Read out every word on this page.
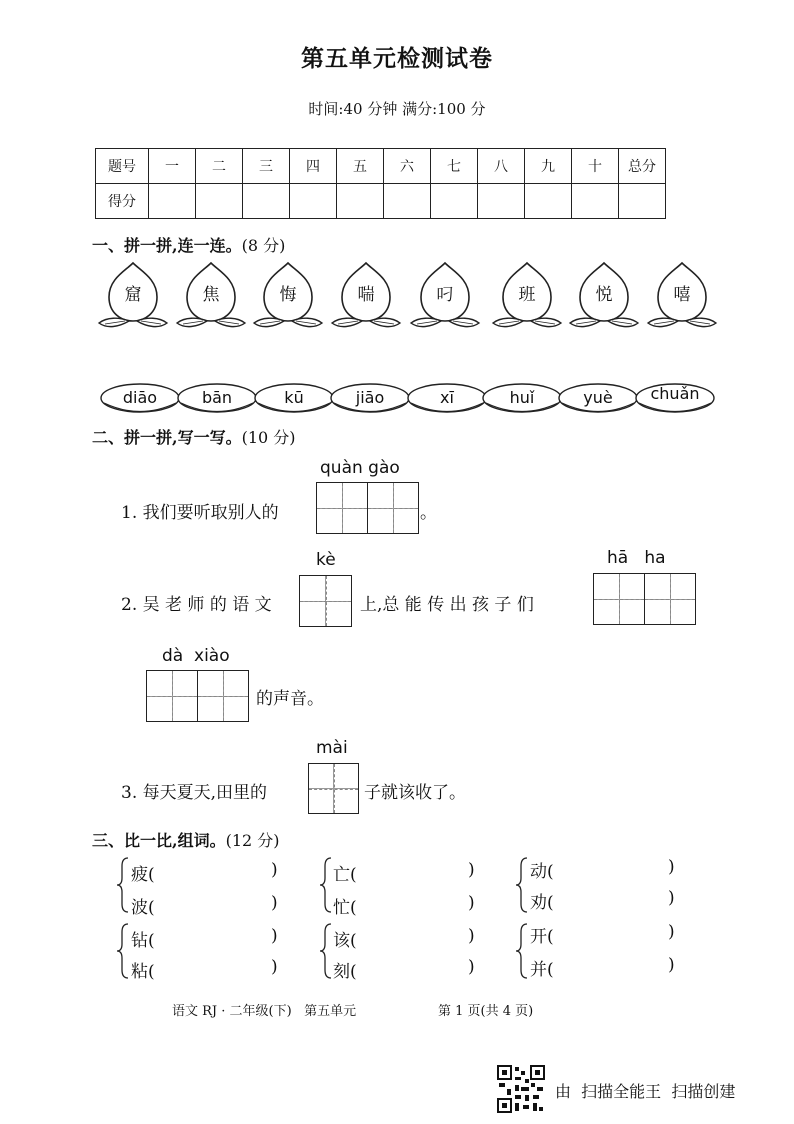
第五单元检测试卷
时间:40 分钟 满分:100 分
题号	一	二	三	四	五	六	七	八	九	十	总分
得分											
一、拼一拼,连一连。(8 分)
窟	焦	悔	喘	叼	班	悦	嘻
diāo	bān	kū	jiāo	xī	huǐ	yuè	chuǎn
二、拼一拼,写一写。(10 分)
quàn gào
1. 我们要听取别人的	。
kè
2. 吴 老 师 的 语 文	上,总 能 传 出 孩 子 们
hā   ha
dà  xiào
的声音。
mài
3. 每天夏天,田里的	子就该收了。
三、比一比,组词。(12 分)
疲(	)
波(	)
亡(	)
忙(	)
动(	)
劝(	)
钻(	)
粘(	)
该(	)
刻(	)
开(	)
并(	)
语文 RJ · 二年级(下)   第五单元	第 1 页(共 4 页)
由  扫描全能王  扫描创建
